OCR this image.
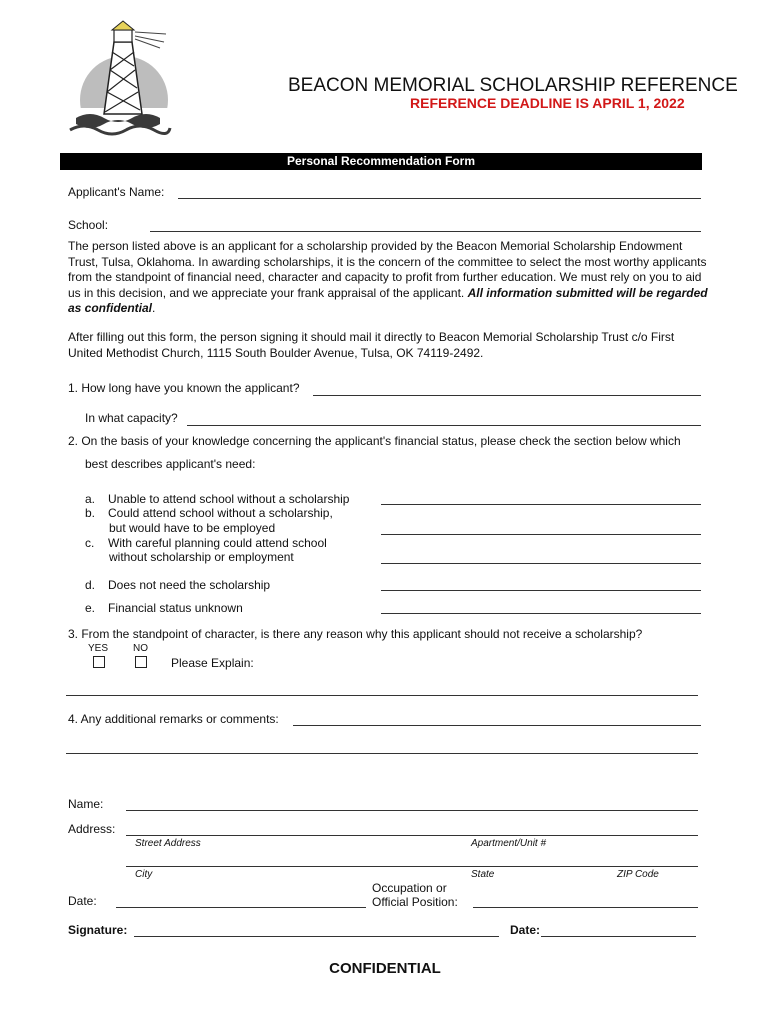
BEACON MEMORIAL SCHOLARSHIP REFERENCE
REFERENCE DEADLINE IS APRIL 1, 2022
Personal Recommendation Form
Applicant's Name:
School:
The person listed above is an applicant for a scholarship provided by the Beacon Memorial Scholarship Endowment Trust, Tulsa, Oklahoma. In awarding scholarships, it is the concern of the committee to select the most worthy applicants from the standpoint of financial need, character and capacity to profit from further education. We must rely on you to aid us in this decision, and we appreciate your frank appraisal of the applicant. All information submitted will be regarded as confidential.
After filling out this form, the person signing it should mail it directly to Beacon Memorial Scholarship Trust c/o First United Methodist Church, 1115 South Boulder Avenue, Tulsa, OK 74119-2492.
1. How long have you known the applicant?
In what capacity?
2. On the basis of your knowledge concerning the applicant's financial status, please check the section below which
best describes applicant's need:
a. Unable to attend school without a scholarship
b. Could attend school without a scholarship,
but would have to be employed
c. With careful planning could attend school
without scholarship or employment
d. Does not need the scholarship
e. Financial status unknown
3. From the standpoint of character, is there any reason why this applicant should not receive a scholarship?
YES NO
Please Explain:
4. Any additional remarks or comments:
Name:
Address:
Street Address	Apartment/Unit #
City	State	ZIP Code
Date:
Occupation or
Official Position:
Signature:	Date:
CONFIDENTIAL
